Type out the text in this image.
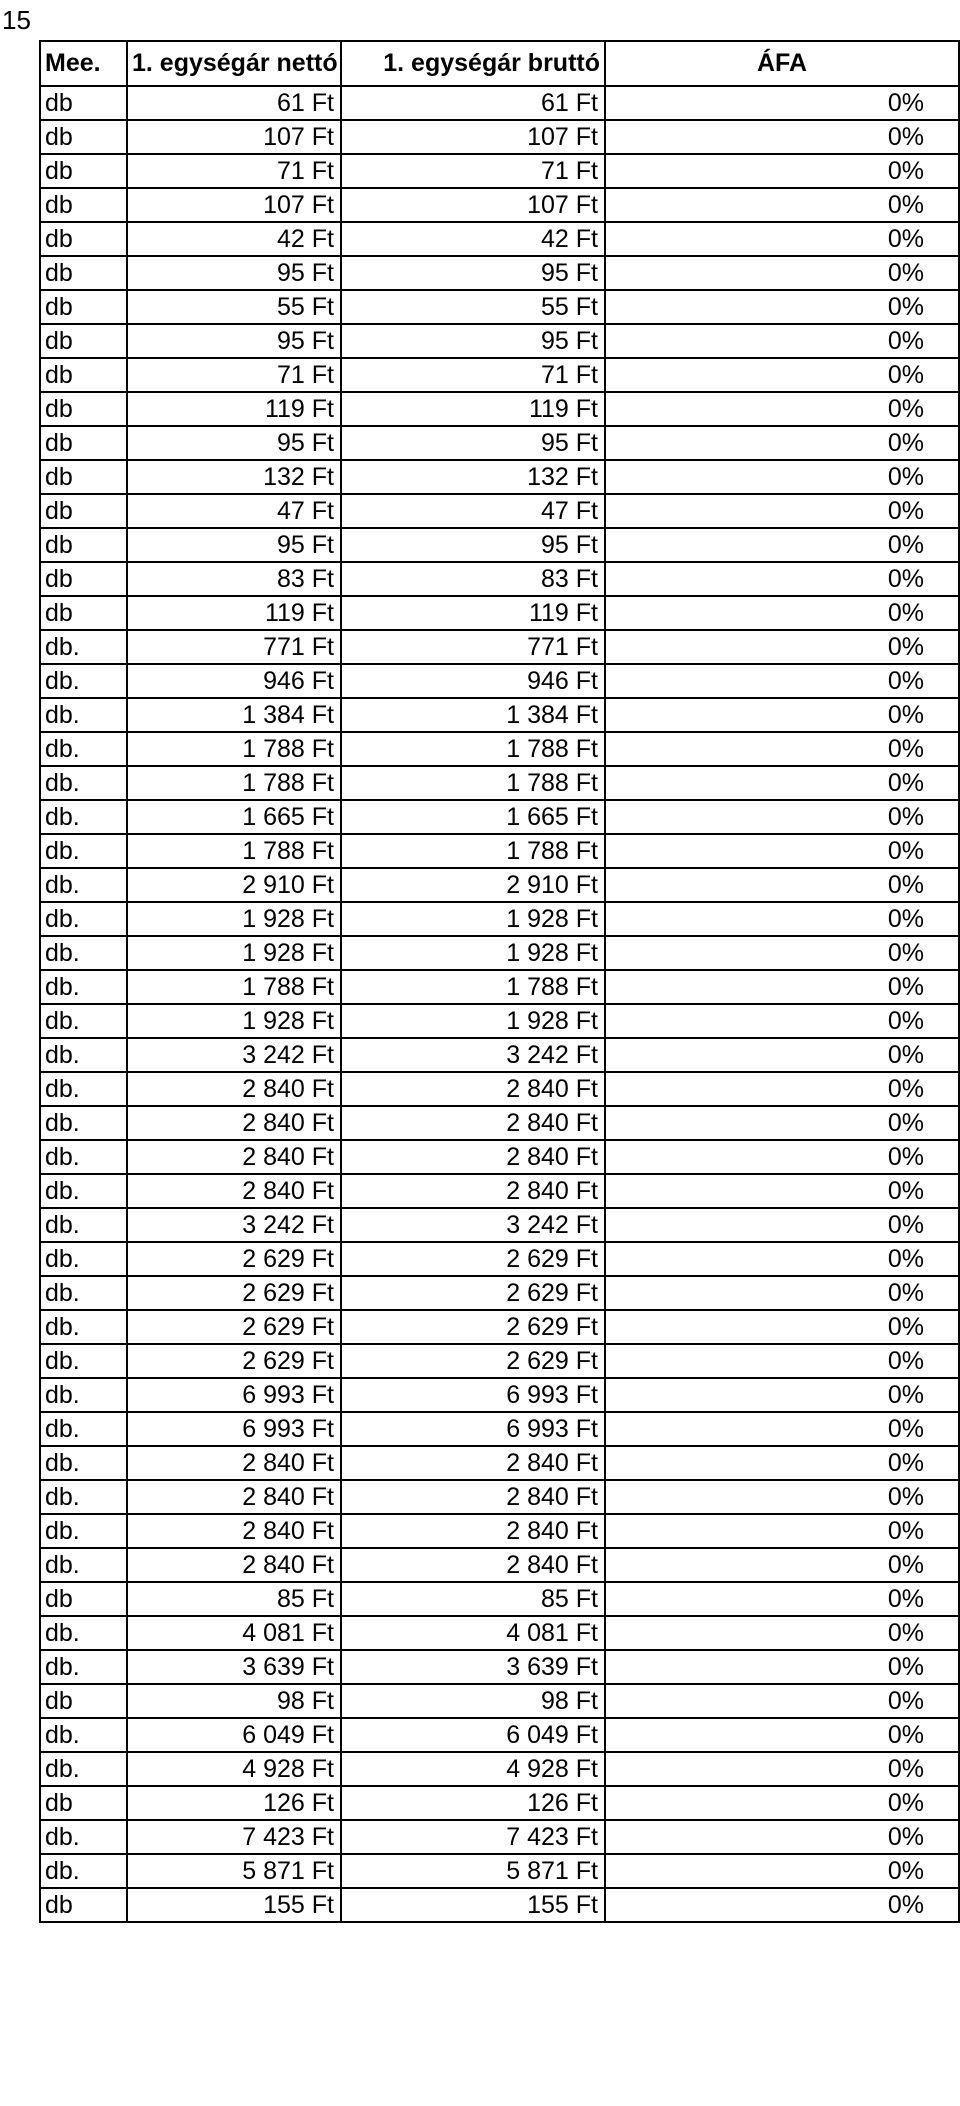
15
Mee.	1. egységár nettó	1. egységár bruttó	ÁFA
db	61 Ft	61 Ft	0%
db	107 Ft	107 Ft	0%
db	71 Ft	71 Ft	0%
db	107 Ft	107 Ft	0%
db	42 Ft	42 Ft	0%
db	95 Ft	95 Ft	0%
db	55 Ft	55 Ft	0%
db	95 Ft	95 Ft	0%
db	71 Ft	71 Ft	0%
db	119 Ft	119 Ft	0%
db	95 Ft	95 Ft	0%
db	132 Ft	132 Ft	0%
db	47 Ft	47 Ft	0%
db	95 Ft	95 Ft	0%
db	83 Ft	83 Ft	0%
db	119 Ft	119 Ft	0%
db.	771 Ft	771 Ft	0%
db.	946 Ft	946 Ft	0%
db.	1 384 Ft	1 384 Ft	0%
db.	1 788 Ft	1 788 Ft	0%
db.	1 788 Ft	1 788 Ft	0%
db.	1 665 Ft	1 665 Ft	0%
db.	1 788 Ft	1 788 Ft	0%
db.	2 910 Ft	2 910 Ft	0%
db.	1 928 Ft	1 928 Ft	0%
db.	1 928 Ft	1 928 Ft	0%
db.	1 788 Ft	1 788 Ft	0%
db.	1 928 Ft	1 928 Ft	0%
db.	3 242 Ft	3 242 Ft	0%
db.	2 840 Ft	2 840 Ft	0%
db.	2 840 Ft	2 840 Ft	0%
db.	2 840 Ft	2 840 Ft	0%
db.	2 840 Ft	2 840 Ft	0%
db.	3 242 Ft	3 242 Ft	0%
db.	2 629 Ft	2 629 Ft	0%
db.	2 629 Ft	2 629 Ft	0%
db.	2 629 Ft	2 629 Ft	0%
db.	2 629 Ft	2 629 Ft	0%
db.	6 993 Ft	6 993 Ft	0%
db.	6 993 Ft	6 993 Ft	0%
db.	2 840 Ft	2 840 Ft	0%
db.	2 840 Ft	2 840 Ft	0%
db.	2 840 Ft	2 840 Ft	0%
db.	2 840 Ft	2 840 Ft	0%
db	85 Ft	85 Ft	0%
db.	4 081 Ft	4 081 Ft	0%
db.	3 639 Ft	3 639 Ft	0%
db	98 Ft	98 Ft	0%
db.	6 049 Ft	6 049 Ft	0%
db.	4 928 Ft	4 928 Ft	0%
db	126 Ft	126 Ft	0%
db.	7 423 Ft	7 423 Ft	0%
db.	5 871 Ft	5 871 Ft	0%
db	155 Ft	155 Ft	0%
